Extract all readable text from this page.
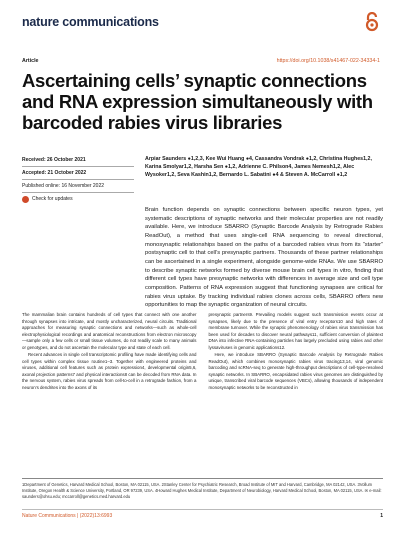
nature communications
Article	https://doi.org/10.1038/s41467-022-34334-1
Ascertaining cells’ synaptic connections and RNA expression simultaneously with barcoded rabies virus libraries
Received: 26 October 2021
Accepted: 21 October 2022
Published online: 16 November 2022
Check for updates
Arpiar Saunders ●1,2,3, Kee Wui Huang ●4, Cassandra Vondrak ●1,2, Christina Hughes1,2, Karina Smolyar1,2, Harsha Sen ●1,2, Adrienne C. Philson4, James Nemesh1,2, Alec Wysoker1,2, Seva Kashin1,2, Bernardo L. Sabatini ●4 & Steven A. McCarroll ●1,2
Brain function depends on synaptic connections between specific neuron types, yet systematic descriptions of synaptic networks and their molecular properties are not readily available. Here, we introduce SBARRO (Synaptic Barcode Analysis by Retrograde Rabies ReadOut), a method that uses single-cell RNA sequencing to reveal directional, monosynaptic relationships based on the paths of a barcoded rabies virus from its “starter” postsynaptic cell to that cell’s presynaptic partners. Thousands of these partner relationships can be ascertained in a single experiment, alongside genome-wide RNAs. We use SBARRO to describe synaptic networks formed by diverse mouse brain cell types in vitro, finding that different cell types have presynaptic networks with differences in average size and cell type composition. Patterns of RNA expression suggest that functioning synapses are critical for rabies virus uptake. By tracking individual rabies clones across cells, SBARRO offers new opportunities to map the synaptic organization of neural circuits.

The mammalian brain contains hundreds of cell types that connect with one another through synapses into intricate, and mostly uncharacterized, neural circuits. Traditional approaches for measuring synaptic connections and networks—such as whole-cell electrophysiological recordings and anatomical reconstructions from electron microscopy—sample only a few cells or small tissue volumes, do not readily scale to many animals or genotypes, and do not ascertain the molecular type and state of each cell.

Recent advances in single cell transcriptomic profiling have made identifying cells and cell types within complex tissue routine1–3. Together with engineered proteins and viruses, additional cell features such as protein expression4, developmental origin5,6, axonal projection patterns7 and physical interactions8 can be decoded from RNA data. In the nervous system, rabies virus spreads from cell-to-cell in a retrograde fashion, from a neuron’s dendrites into the axons of its

presynaptic partners9. Prevailing models suggest such transmission events occur at synapses, likely due to the presence of viral entry receptors10 and high rates of membrane turnover. While the synaptic phenomenology of rabies virus transmission has been used for decades to discover neural pathways11, sufficient conversion of plaintext DNA into infective RNA-containing particles has largely precluded using rabies and other lyssaviruses in genomic applications12.

Here, we introduce SBARRO (Synaptic Barcode Analysis by Retrograde Rabies ReadOut), which combines monosynaptic rabies virus tracing13,14, viral genomic barcoding and scRNA-seq to generate high-throughput descriptions of cell-type-resolved synaptic networks. In SBARRO, encapsidated rabies virus genomes are distinguished by unique, transcribed viral barcode sequences (VBCs), allowing thousands of independent monosynaptic networks to be reconstructed in

1Department of Genetics, Harvard Medical School, Boston, MA 02115, USA. 2Stanley Center for Psychiatric Research, Broad Institute of MIT and Harvard, Cambridge, MA 02142, USA. 3Vollum Institute, Oregon Health & Science University, Portland, OR 97239, USA. 4Howard Hughes Medical Institute, Department of Neurobiology, Harvard Medical School, Boston, MA 02115, USA. ✉ e-mail: saunders@ohsu.edu; mccarroll@genetics.med.harvard.edu
Nature Communications | (2022)13:6993	1
